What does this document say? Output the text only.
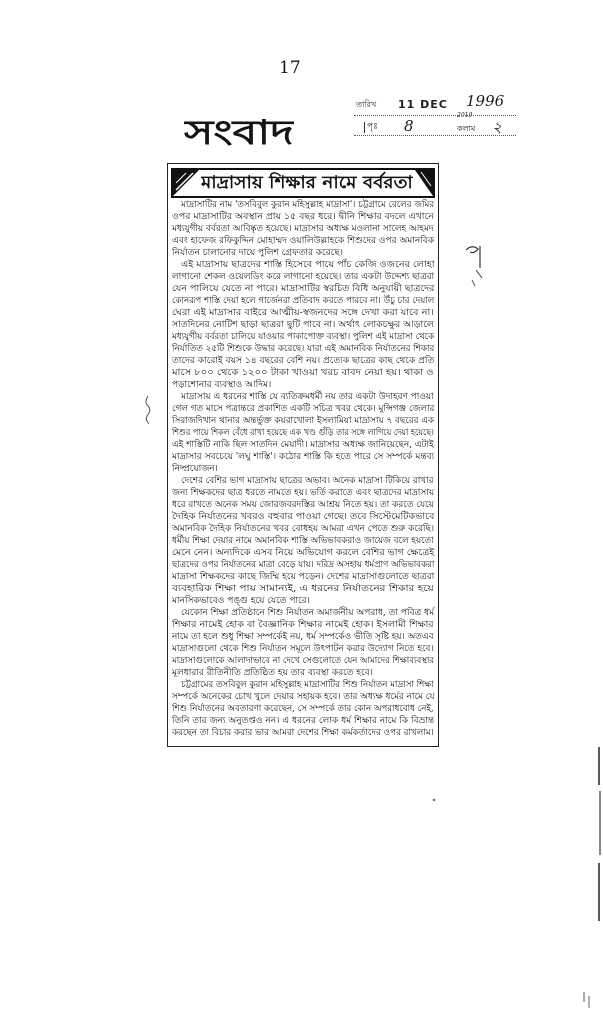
17
সংবাদ
তারিখ 11 DEC 1996
2019
পৃঃ 8	কলাম ২
মাদ্রাসায় শিক্ষার নামে বর্বরতা
মাদ্রাসাটির নাম 'তসবিবুল কুরান মহিসুল্লাহ মাদ্রাসা'। চট্টগ্রামে রেলের জমির
ওপর মাদ্রাসাটির অবস্থান প্রায় ১৫ বছর ধরে। দ্বীনি শিক্ষার বদলে এখানে
মধ্যযুগীয় বর্বরতা আবিষ্কৃত হয়েছে। মাদ্রাসার অধ্যক্ষ মওলানা সালেহ আহমদ
এবং হাফেজ রফিকুদ্দিন মোহাম্মদ ওয়ালিউল্লাহকে শিশুদের ওপর অমানবিক
নির্যাতন চালানোর দায়ে পুলিশ গ্রেফতার করেছে।
এই মাদ্রাসায় ছাত্রদের শাস্তি হিসেবে পায়ে পাঁচ কেজি ওজনের লোহা
লাগানো শেকল ওয়েলডিং করে লাগানো হয়েছে। তার একটা উদ্দেশ্য ছাত্ররা
যেন পালিয়ে যেতে না পারে। মাদ্রাসাটির স্বরচিত বিধি অনুযায়ী ছাত্রদের
কোনরূপ শাস্তি দেয়া হলে গার্জেনরা প্রতিবাদ করতে পারবে না। উঁচু চার দেয়াল
ঘেরা এই মাদ্রাসার বাইরে আত্মীয়-স্বজনদের সঙ্গে দেখা করা যাবে না।
সাতদিনের নোটিশ ছাড়া ছাত্ররা ছুটি পাবে না। অর্থাৎ লোকচক্ষুর আড়ালে
মধ্যযুগীয় বর্বরতা চালিয়ে যাওয়ার পাকাপোক্ত ব্যবস্থা। পুলিশ এই মাদ্রাসা থেকে
নির্যাতিত ২৫টি শিশুকে উদ্ধার করেছে। যারা এই অমানবিক নির্যাতনের শিকার
তাদের কারোই বয়স ১৪ বছরের বেশি নয়। প্রত্যেক ছাত্রের কাছ থেকে প্রতি
মাসে ৮০০ থেকে ১২০০ টাকা খাওয়া খরচ বাবদ নেয়া হয়। থাকা ও
পড়াশোনার ব্যবস্থাও আদিম।
মাদ্রাসায় এ ধরনের শাস্তি যে ব্যতিক্রমধর্মী নয় তার একটা উদাহরণ পাওয়া
গেল গত মাসে পত্রান্তরে প্রকাশিত একটি সচিত্র খবর থেকে। মুন্সিগঞ্জ জেলার
সিরাজদিখান থানার অন্তর্ভুক্ত কয়রাখোলা ইসলামিয়া মাদ্রাসায় ৭ বছরের এক
শিশুর পায়ে শিকল বেঁধে রাখা হয়েছে এক খণ্ড গুঁড়ি তার সঙ্গে লাগিয়ে দেয়া হয়েছে।
এই শাস্তিটি নাকি ছিল সাতদিন মেয়াদী। মাদ্রাসার অধ্যক্ষ জানিয়েছেন, এটাই
মাদ্রাসার সবচেয়ে 'লঘু শাস্তি'। কঠোর শাস্তি কি হতে পারে সে সম্পর্কে মন্তব্য
নিষ্প্রয়োজন।
দেশের বেশির ভাগ মাদ্রাসায় ছাত্রের অভাব। অনেক মাদ্রাসা টিকিয়ে রাখার
জন্য শিক্ষকদের ছাত্র ধরতে নামতে হয়। ভর্তি করাতে এবং ছাত্রদের মাদ্রাসায়
ধরে রাখতে অনেক সময় জোরজবরদস্তির আশ্রয় নিতে হয়। তা করতে যেয়ে
দৈহিক নির্যাতনের খবরও বহুবার পাওয়া গেছে। তবে সিস্টেমেটিকভাবে
অমানবিক দৈহিক নির্যাতনের খবর বোধহয় আমরা এখন পেতে শুরু করেছি।
ধর্মীয় শিক্ষা দেয়ার নামে অমানবিক শাস্তি অভিভাবকরাও জায়েজ বলে হয়তো
মেনে নেন। অন্যদিকে এসব নিয়ে অভিযোগ করলে বেশির ভাগ ক্ষেত্রেই
ছাত্রদের ওপর নির্যাতনের মাত্রা বেড়ে যায়। দরিদ্র অসহায় ধর্মপ্রাণ অভিভাবকরা
মাদ্রাসা শিক্ষকদের কাছে জিম্মি হয়ে পড়েন। দেশের মাদ্রাসাগুলোতে ছাত্ররা
ব্যবহারিক শিক্ষা পায় সামান্যই, এ ধরনের নির্যাতনের শিকার হয়ে
মানসিকভাবেও পঙ্গু হয়ে যেতে পারে।
যেকোন শিক্ষা প্রতিষ্ঠানে শিশু নির্যাতন অমার্জনীয় অপরাধ, তা পবিত্র ধর্ম
শিক্ষার নামেই হোক বা বৈজ্ঞানিক শিক্ষার নামেই হোক। ইসলামী শিক্ষার
নামে তা হলে শুধু শিক্ষা সম্পর্কেই নয়, ধর্ম সম্পর্কেও ভীতি সৃষ্টি হয়। অতএব
মাদ্রাসাগুলো থেকে শিশু নির্যাতন সমূলে উৎপাটন করার উদ্যোগ নিতে হবে।
মাদ্রাসাগুলোকে আলাদাভাবে না দেখে সেগুলোতে যেন আমাদের শিক্ষাব্যবস্থার
মূলধারার রীতিনীতি প্রতিষ্ঠিত হয় তার ব্যবস্থা করতে হবে।
চট্টগ্রামের তসবিবুল কুরান মহিসুল্লাহ মাদ্রাসাটির শিশু নির্যাতন মাদ্রাসা শিক্ষা
সম্পর্কে অনেকের চোখ খুলে দেয়ার সহায়ক হবে। তার অধ্যক্ষ ধর্মের নামে যে
শিশু নির্যাতনের অবতারণা করেছেন, সে সম্পর্কে তার কোন অপরাধবোধ নেই,
তিনি তার জন্য অনুতপ্তও নন। এ ধরনের লোক ধর্ম শিক্ষার নামে কি বিভ্রান্ত
করছেন তা বিচার করার ভার আমরা দেশের শিক্ষা কর্মকর্তাদের ওপর রাখলাম।
